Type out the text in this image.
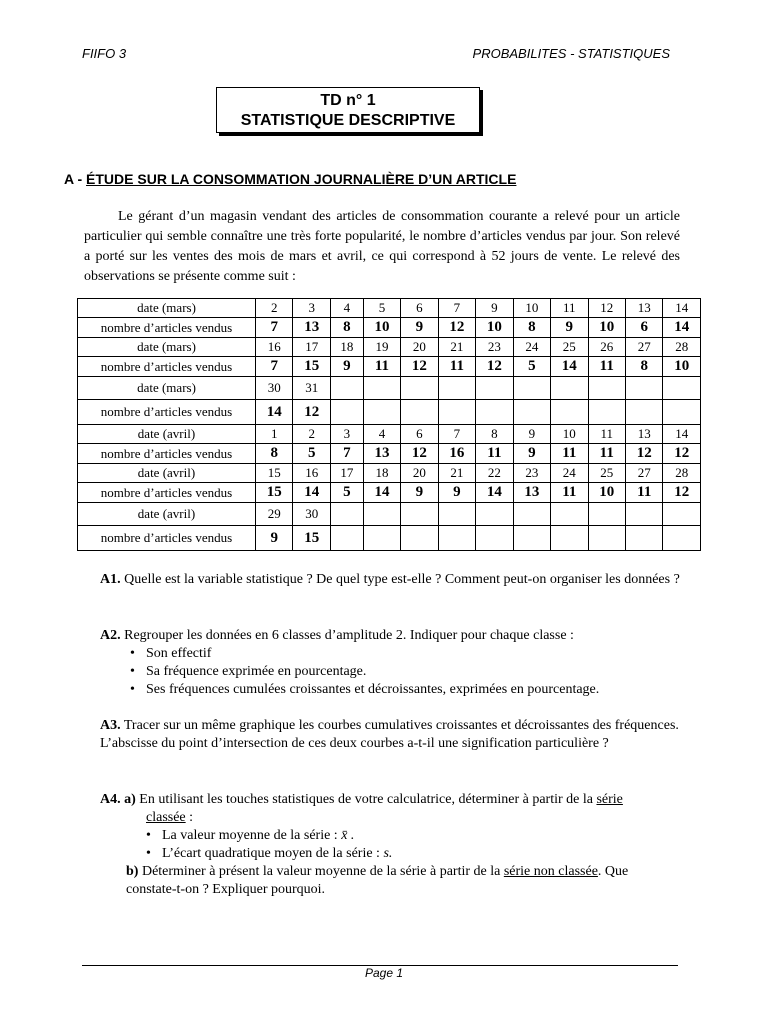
FIIFO 3	PROBABILITES - STATISTIQUES
TD n° 1
STATISTIQUE DESCRIPTIVE
A - ÉTUDE SUR LA CONSOMMATION JOURNALIÈRE D’UN ARTICLE
Le gérant d’un magasin vendant des articles de consommation courante a relevé pour un article particulier qui semble connaître une très forte popularité, le nombre d’articles vendus par jour. Son relevé a porté sur les ventes des mois de mars et avril, ce qui correspond à 52 jours de vente. Le relevé des observations se présente comme suit :
date (mars)	2	3	4	5	6	7	9	10	11	12	13	14
nombre d’articles vendus	7	13	8	10	9	12	10	8	9	10	6	14
date (mars)	16	17	18	19	20	21	23	24	25	26	27	28
nombre d’articles vendus	7	15	9	11	12	11	12	5	14	11	8	10
date (mars)	30	31										
nombre d’articles vendus	14	12										
date (avril)	1	2	3	4	6	7	8	9	10	11	13	14
nombre d’articles vendus	8	5	7	13	12	16	11	9	11	11	12	12
date (avril)	15	16	17	18	20	21	22	23	24	25	27	28
nombre d’articles vendus	15	14	5	14	9	9	14	13	11	10	11	12
date (avril)	29	30										
nombre d’articles vendus	9	15										
A1. Quelle est la variable statistique ? De quel type est-elle ? Comment peut-on organiser les données ?
A2. Regrouper les données en 6 classes d’amplitude 2. Indiquer pour chaque classe :
• Son effectif
• Sa fréquence exprimée en pourcentage.
• Ses fréquences cumulées croissantes et décroissantes, exprimées en pourcentage.
A3. Tracer sur un même graphique les courbes cumulatives croissantes et décroissantes des fréquences. L’abscisse du point d’intersection de ces deux courbes a-t-il une signification particulière ?
A4. a) En utilisant les touches statistiques de votre calculatrice, déterminer à partir de la série
classée :
• La valeur moyenne de la série : x̄ .
• L’écart quadratique moyen de la série : s.
b) Déterminer à présent la valeur moyenne de la série à partir de la série non classée. Que constate-t-on ? Expliquer pourquoi.
Page 1
